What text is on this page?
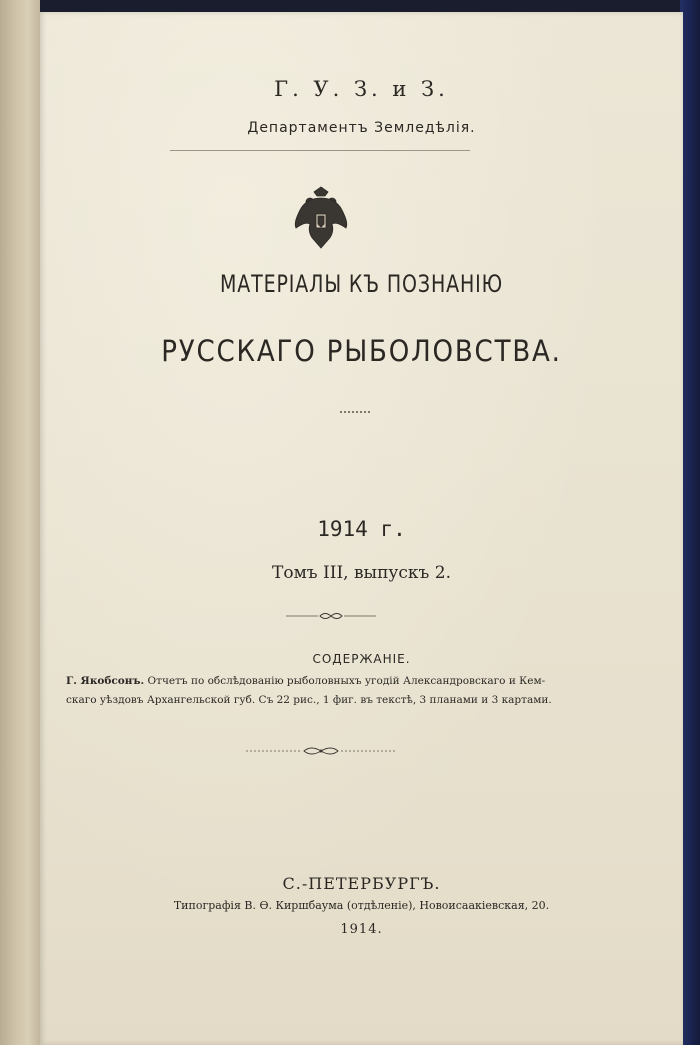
Г. У. З. и З.
Департаментъ Земледѣлія.
МАТЕРІАЛЫ КЪ ПОЗНАНІЮ
РУССКАГО РЫБОЛОВСТВА.
1914 г.
Томъ III, выпускъ 2.
СОДЕРЖАНІЕ.
Г. Якобсонъ. Отчетъ по обслѣдованію рыболовныхъ угодій Александровскаго и Кем-
скаго уѣздовъ Архангельской губ. Съ 22 рис., 1 фиг. въ текстѣ, 3 планами и 3 картами.
С.-ПЕТЕРБУРГЪ.
Типографія В. Ѳ. Киршбаума (отдѣленіе), Новоисаакіевская, 20.
1914.
